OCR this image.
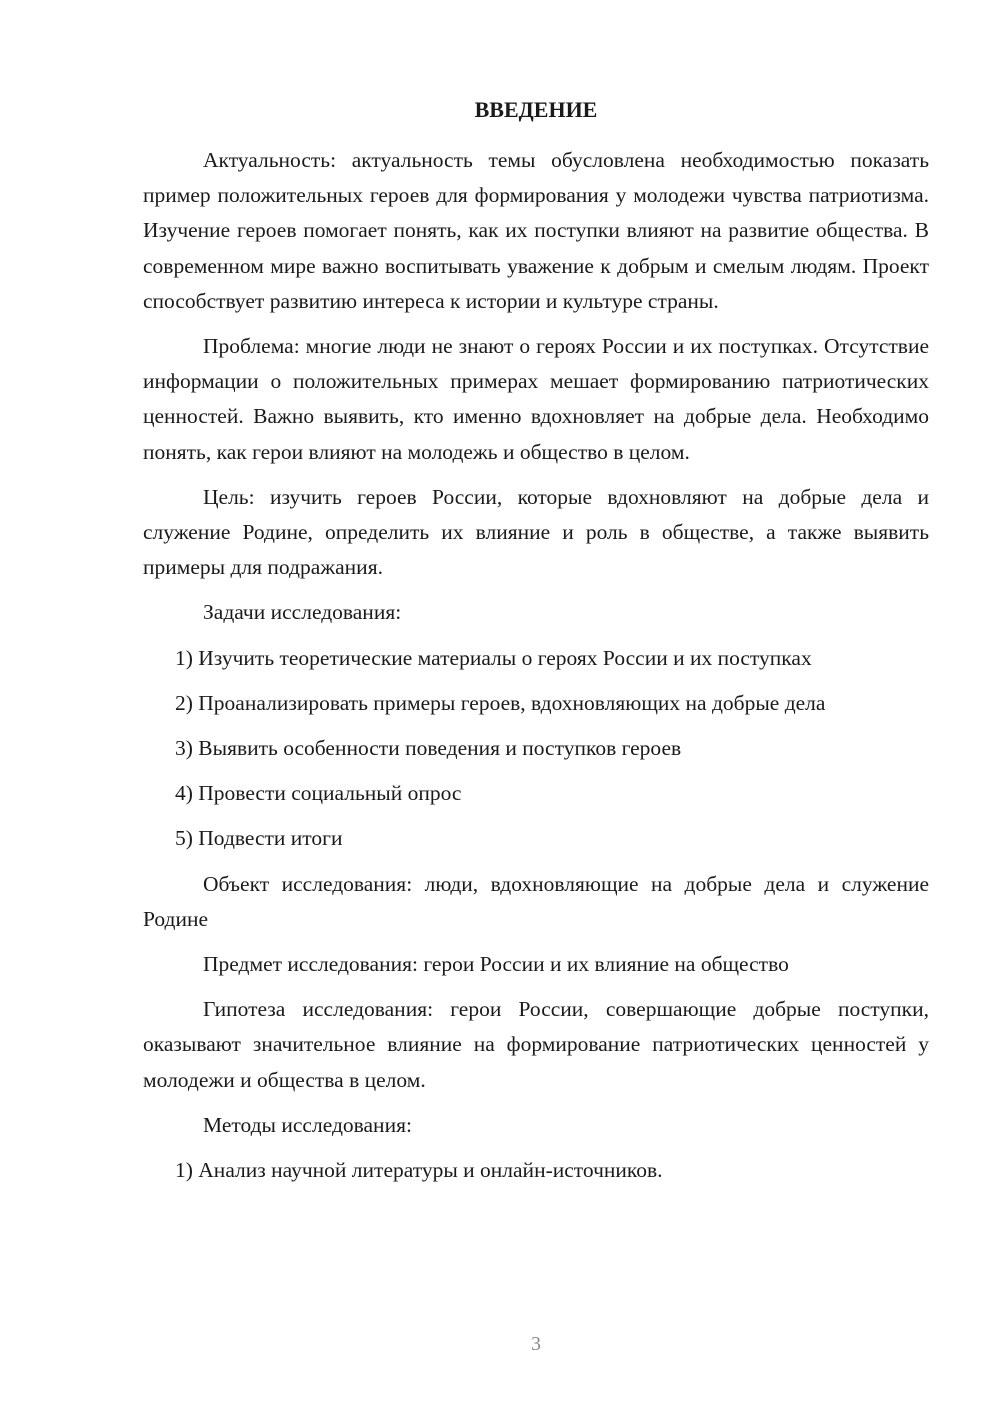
ВВЕДЕНИЕ

Актуальность: актуальность темы обусловлена необходимостью показать пример положительных героев для формирования у молодежи чувства патриотизма. Изучение героев помогает понять, как их поступки влияют на развитие общества. В современном мире важно воспитывать уважение к добрым и смелым людям. Проект способствует развитию интереса к истории и культуре страны.

Проблема: многие люди не знают о героях России и их поступках. Отсутствие информации о положительных примерах мешает формированию патриотических ценностей. Важно выявить, кто именно вдохновляет на добрые дела. Необходимо понять, как герои влияют на молодежь и общество в целом.

Цель: изучить героев России, которые вдохновляют на добрые дела и служение Родине, определить их влияние и роль в обществе, а также выявить примеры для подражания.

Задачи исследования:

1) Изучить теоретические материалы о героях России и их поступках

2) Проанализировать примеры героев, вдохновляющих на добрые дела

3) Выявить особенности поведения и поступков героев

4) Провести социальный опрос

5) Подвести итоги

Объект исследования: люди, вдохновляющие на добрые дела и служение Родине

Предмет исследования: герои России и их влияние на общество

Гипотеза исследования: герои России, совершающие добрые поступки, оказывают значительное влияние на формирование патриотических ценностей у молодежи и общества в целом.

Методы исследования:

1) Анализ научной литературы и онлайн-источников.

3
